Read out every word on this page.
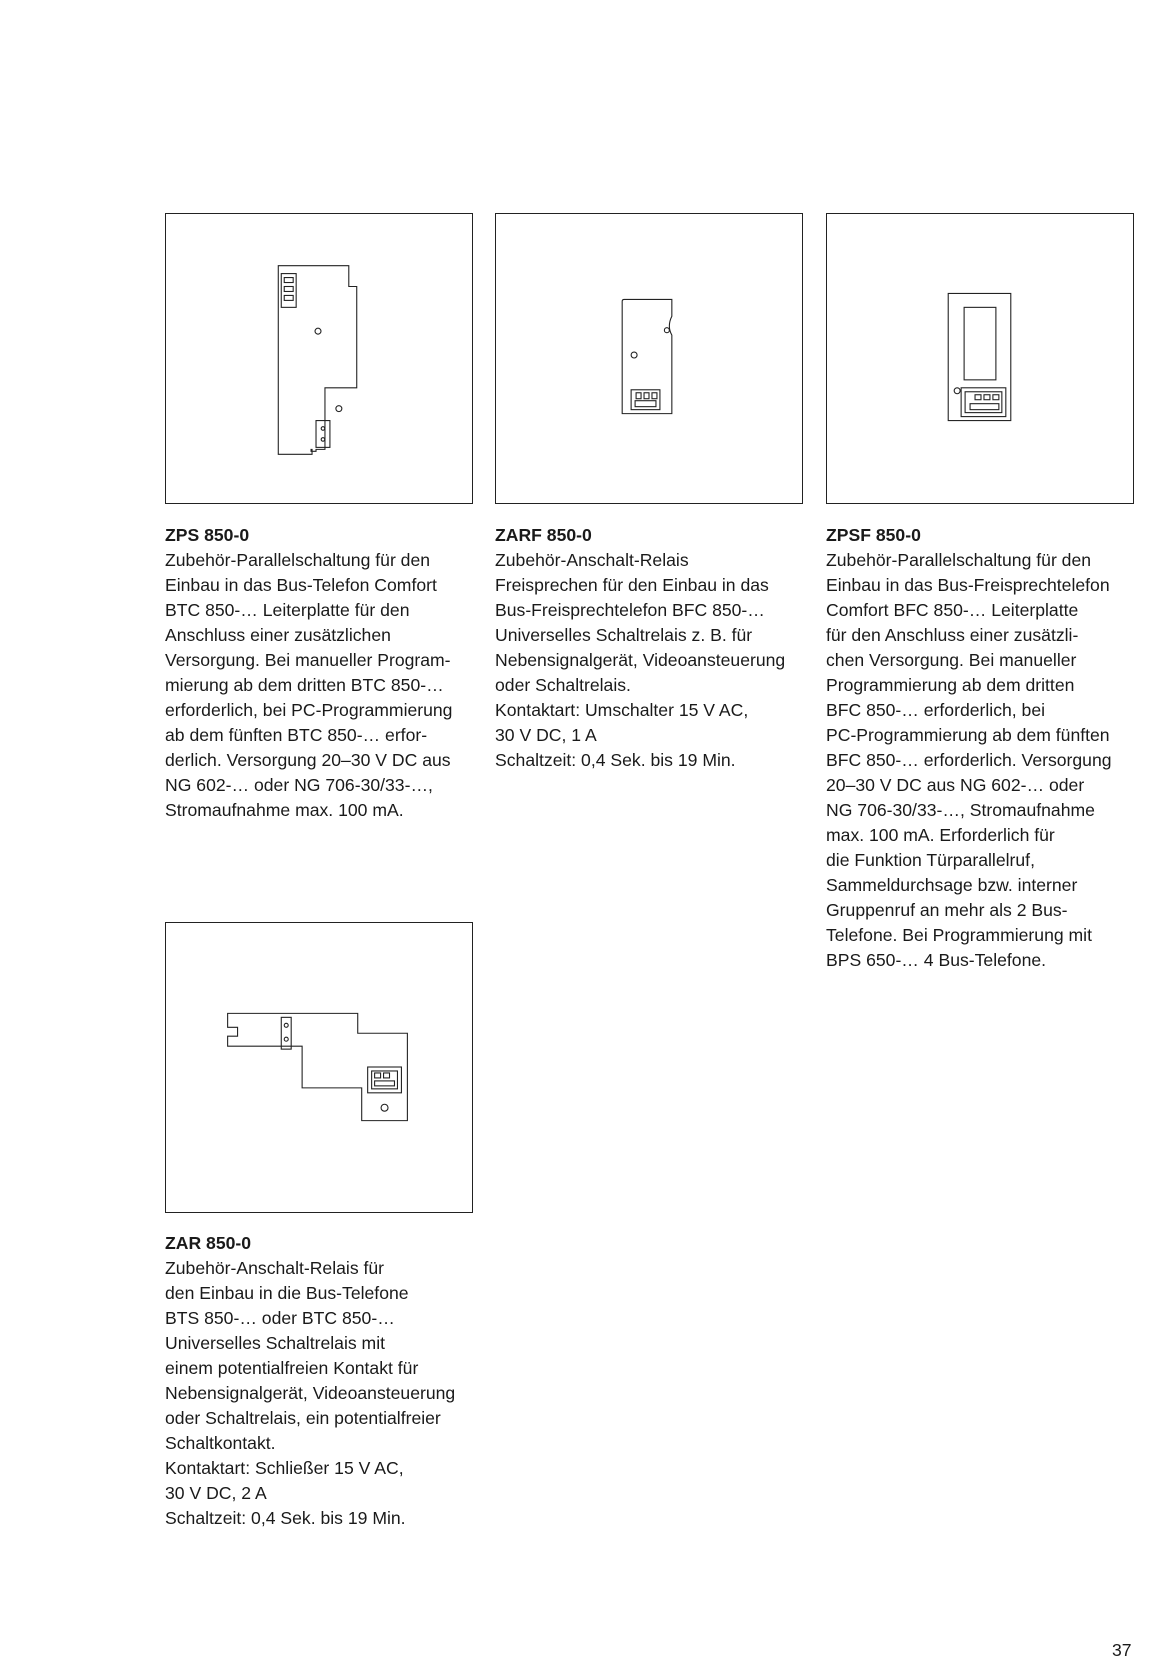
ZPS 850-0

Zubehör-Parallelschaltung für den

Einbau in das Bus-Telefon Comfort

BTC 850-… Leiterplatte für den

Anschluss einer zusätzlichen

Versorgung. Bei manueller Program-

mierung ab dem dritten BTC 850-…

erforderlich, bei PC-Programmierung

ab dem fünften BTC 850-… erfor-

derlich. Versorgung 20–30 V DC aus

NG 602-… oder NG 706-30/33-…,

Stromaufnahme max. 100 mA.

ZARF 850-0

Zubehör-Anschalt-Relais

Freisprechen für den Einbau in das

Bus-Freisprechtelefon BFC 850-…

Universelles Schaltrelais z. B. für

Nebensignalgerät, Videoansteuerung

oder Schaltrelais.

Kontaktart: Umschalter 15 V AC,

30 V DC, 1 A

Schaltzeit: 0,4 Sek. bis 19 Min.

ZPSF 850-0

Zubehör-Parallelschaltung für den

Einbau in das Bus-Freisprechtelefon

Comfort BFC 850-… Leiterplatte

für den Anschluss einer zusätzli-

chen Versorgung. Bei manueller

Programmierung ab dem dritten

BFC 850-… erforderlich, bei

PC-Programmierung ab dem fünften

BFC 850-… erforderlich. Versorgung

20–30 V DC aus NG 602-… oder

NG 706-30/33-…, Stromaufnahme

max. 100 mA. Erforderlich für

die Funktion Türparallelruf,

Sammeldurchsage bzw. interner

Gruppenruf an mehr als 2 Bus-

Telefone. Bei Programmierung mit

BPS 650-… 4 Bus-Telefone.

ZAR 850-0

Zubehör-Anschalt-Relais für

den Einbau in die Bus-Telefone

BTS 850-… oder BTC 850-…

Universelles Schaltrelais mit

einem potentialfreien Kontakt für

Nebensignalgerät, Videoansteuerung

oder Schaltrelais, ein potentialfreier

Schaltkontakt.

Kontaktart: Schließer 15 V AC,

30 V DC, 2 A

Schaltzeit: 0,4 Sek. bis 19 Min.

37
